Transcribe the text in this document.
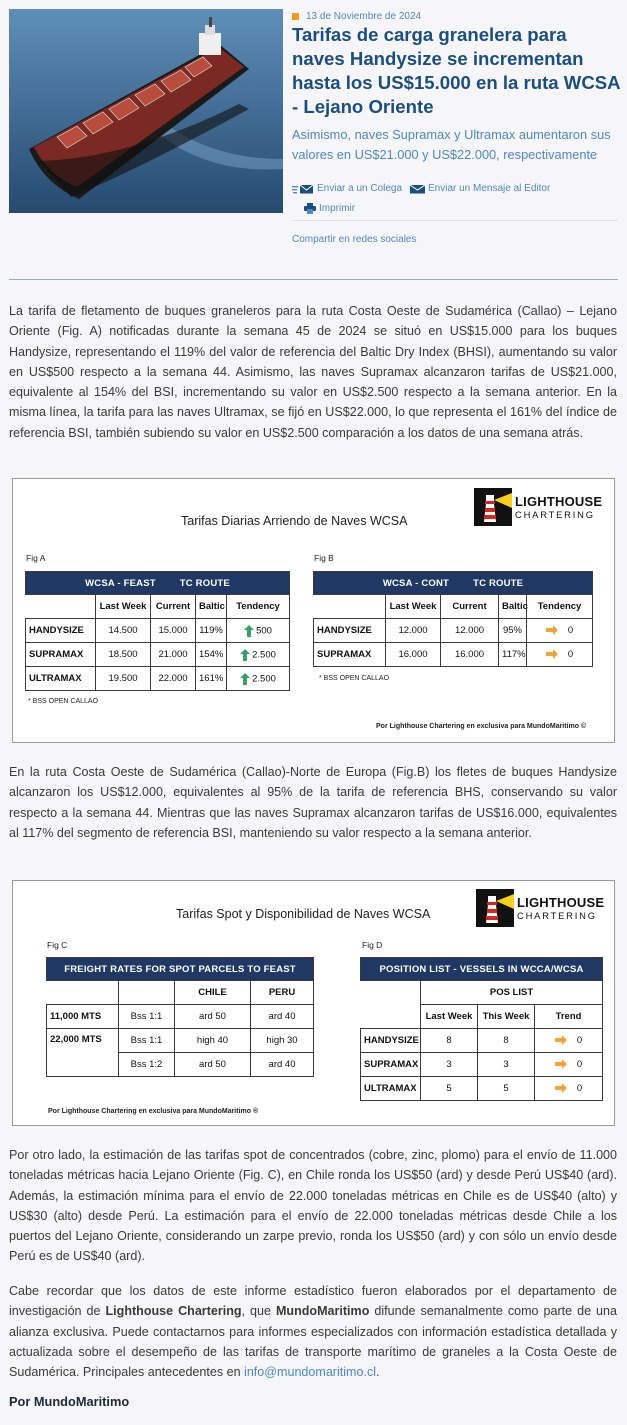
13 de Noviembre de 2024
Tarifas de carga granelera para naves Handysize se incrementan hasta los US$15.000 en la ruta WCSA - Lejano Oriente

Asimismo, naves Supramax y Ultramax aumentaron sus valores en US$21.000 y US$22.000, respectivamente

Enviar a un Colega	Enviar un Mensaje al Editor
Imprimir
Compartir en redes sociales

La tarifa de fletamento de buques graneleros para la ruta Costa Oeste de Sudamérica (Callao) – Lejano Oriente (Fig. A) notificadas durante la semana 45 de 2024 se situó en US$15.000 para los buques Handysize, representando el 119% del valor de referencia del Baltic Dry Index (BHSI), aumentando su valor en US$500 respecto a la semana 44. Asimismo, las naves Supramax alcanzaron tarifas de US$21.000, equivalente al 154% del BSI, incrementando su valor en US$2.500 respecto a la semana anterior. En la misma línea, la tarifa para las naves Ultramax, se fijó en US$22.000, lo que representa el 161% del índice de referencia BSI, también subiendo su valor en US$2.500 comparación a los datos de una semana atrás.

Tarifas Diarias Arriendo de Naves WCSA
LIGHTHOUSE
CHARTERING
Fig A
WCSA - FEAST TC ROUTE				
	Last Week	Current	Baltic	Tendency
HANDYSIZE	14.500	15.000	119%	500
SUPRAMAX	18.500	21.000	154%	2.500
ULTRAMAX	19.500	22.000	161%	2.500
* BSS OPEN CALLAO
Fig B
WCSA - CONT TC ROUTE				
	Last Week	Current	Baltic	Tendency
HANDYSIZE	12.000	12.000	95%	0
SUPRAMAX	16.000	16.000	117%	0
* BSS OPEN CALLAO
Por Lighthouse Chartering en exclusiva para MundoMaritimo ©

En la ruta Costa Oeste de Sudamérica (Callao)-Norte de Europa (Fig.B) los fletes de buques Handysize alcanzaron los US$12.000, equivalentes al 95% de la tarifa de referencia BHS, conservando su valor respecto a la semana 44. Mientras que las naves Supramax alcanzaron tarifas de US$16.000, equivalentes al 117% del segmento de referencia BSI, manteniendo su valor respecto a la semana anterior.

Tarifas Spot y Disponibilidad de Naves WCSA
LIGHTHOUSE
CHARTERING
Fig C
FREIGHT RATES FOR SPOT PARCELS TO FEAST			
		CHILE	PERU
11,000 MTS	Bss 1:1	ard 50	ard 40
22,000 MTS	Bss 1:1	high 40	high 30
	Bss 1:2	ard 50	ard 40
Fig D
POSITION LIST - VESSELS IN WCCA/WCSA			
	POS LIST		
	Last Week	This Week	Trend
HANDYSIZE	8	8	0
SUPRAMAX	3	3	0
ULTRAMAX	5	5	0
Por Lighthouse Chartering en exclusiva para MundoMaritimo ®

Por otro lado, la estimación de las tarifas spot de concentrados (cobre, zinc, plomo) para el envío de 11.000 toneladas métricas hacia Lejano Oriente (Fig. C), en Chile ronda los US$50 (ard) y desde Perú US$40 (ard). Además, la estimación mínima para el envío de 22.000 toneladas métricas en Chile es de US$40 (alto) y US$30 (alto) desde Perú. La estimación para el envío de 22.000 toneladas métricas desde Chile a los puertos del Lejano Oriente, considerando un zarpe previo, ronda los US$50 (ard) y con sólo un envío desde Perú es de US$40 (ard).

Cabe recordar que los datos de este informe estadístico fueron elaborados por el departamento de investigación de Lighthouse Chartering, que MundoMaritimo difunde semanalmente como parte de una alianza exclusiva. Puede contactarnos para informes especializados con información estadística detallada y actualizada sobre el desempeño de las tarifas de transporte marítimo de graneles a la Costa Oeste de Sudamérica. Principales antecedentes en info@mundomaritimo.cl.

Por MundoMaritimo
